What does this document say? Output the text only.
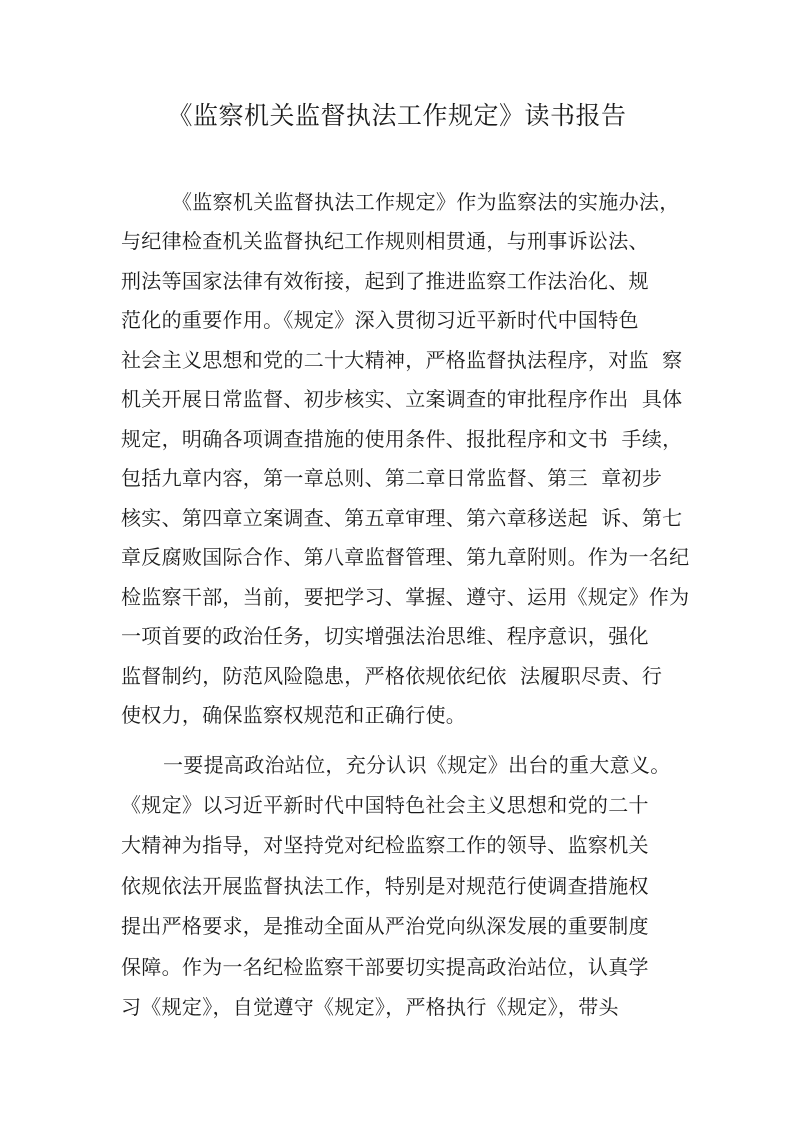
《监察机关监督执法工作规定》读书报告
《监察机关监督执法工作规定》作为监察法的实施办法，
与纪律检查机关监督执纪工作规则相贯通，与刑事诉讼法、
刑法等国家法律有效衔接，起到了推进监察工作法治化、规
范化的重要作用。《规定》深入贯彻习近平新时代中国特色
社会主义思想和党的二十大精神，严格监督执法程序，对监  察
机关开展日常监督、初步核实、立案调查的审批程序作出  具体
规定，明确各项调查措施的使用条件、报批程序和文书  手续，
包括九章内容，第一章总则、第二章日常监督、第三  章初步
核实、第四章立案调查、第五章审理、第六章移送起  诉、第七
章反腐败国际合作、第八章监督管理、第九章附则。作为一名纪
检监察干部，当前，要把学习、掌握、遵守、运用《规定》作为
一项首要的政治任务，切实增强法治思维、程序意识，强化
监督制约，防范风险隐患，严格依规依纪依  法履职尽责、行
使权力，确保监察权规范和正确行使。
一要提高政治站位，充分认识《规定》出台的重大意义。
《规定》以习近平新时代中国特色社会主义思想和党的二十
大精神为指导，对坚持党对纪检监察工作的领导、监察机关
依规依法开展监督执法工作，特别是对规范行使调查措施权
提出严格要求，是推动全面从严治党向纵深发展的重要制度
保障。作为一名纪检监察干部要切实提高政治站位，认真学
习《规定》，自觉遵守《规定》，严格执行《规定》，带头
